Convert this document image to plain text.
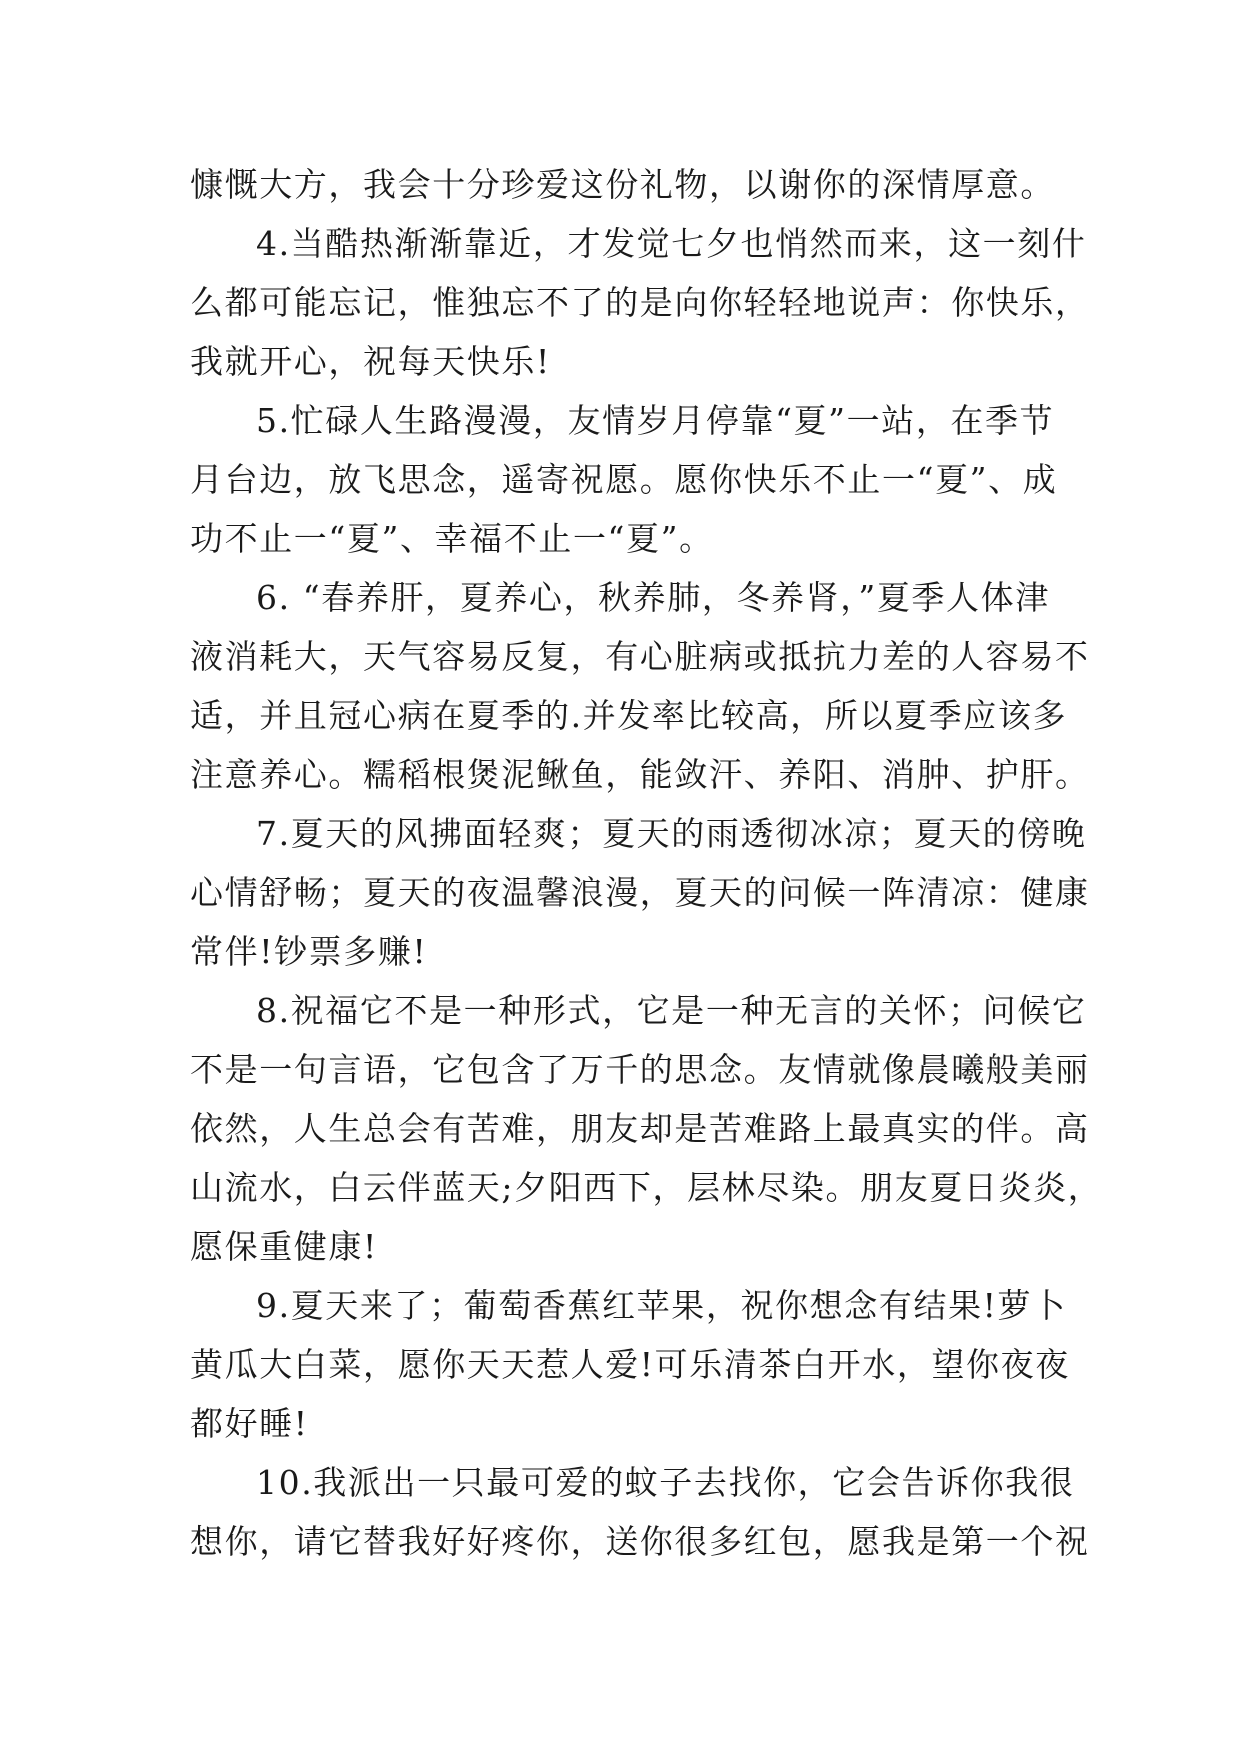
慷慨大方，我会十分珍爱这份礼物，以谢你的深情厚意。
4.当酷热渐渐靠近，才发觉七夕也悄然而来，这一刻什
么都可能忘记，惟独忘不了的是向你轻轻地说声：你快乐，
我就开心，祝每天快乐!
5.忙碌人生路漫漫，友情岁月停靠“夏”一站，在季节
月台边，放飞思念，遥寄祝愿。愿你快乐不止一“夏”、成
功不止一“夏”、幸福不止一“夏”。
6. “春养肝，夏养心，秋养肺，冬养肾，”夏季人体津
液消耗大，天气容易反复，有心脏病或抵抗力差的人容易不
适，并且冠心病在夏季的.并发率比较高，所以夏季应该多
注意养心。糯稻根煲泥鳅鱼，能敛汗、养阳、消肿、护肝。
7.夏天的风拂面轻爽；夏天的雨透彻冰凉；夏天的傍晚
心情舒畅；夏天的夜温馨浪漫，夏天的问候一阵清凉：健康
常伴!钞票多赚!
8.祝福它不是一种形式，它是一种无言的关怀；问候它
不是一句言语，它包含了万千的思念。友情就像晨曦般美丽
依然，人生总会有苦难，朋友却是苦难路上最真实的伴。高
山流水，白云伴蓝天;夕阳西下，层林尽染。朋友夏日炎炎，
愿保重健康!
9.夏天来了；葡萄香蕉红苹果，祝你想念有结果!萝卜
黄瓜大白菜，愿你天天惹人爱!可乐清茶白开水，望你夜夜
都好睡!
10.我派出一只最可爱的蚊子去找你，它会告诉你我很
想你，请它替我好好疼你，送你很多红包，愿我是第一个祝
